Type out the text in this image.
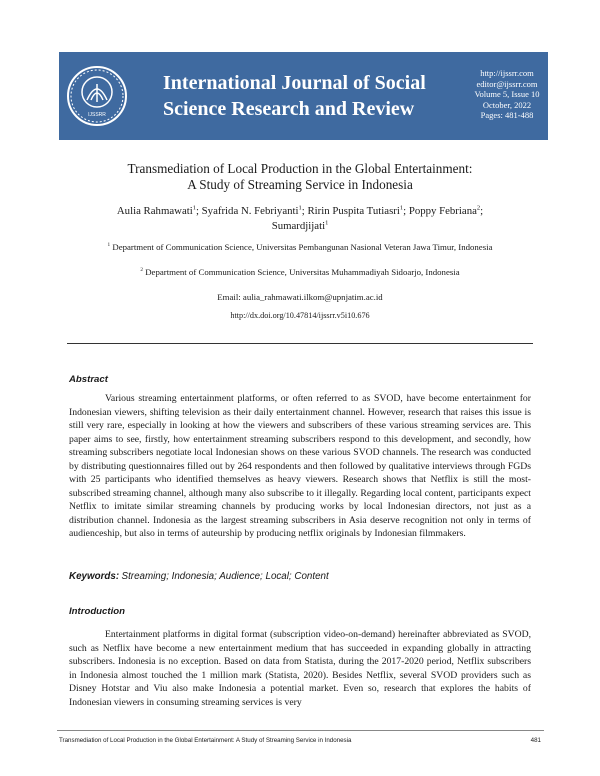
IJSSRR
International Journal of Social
Science Research and Review
http://ijssrr.com
editor@ijssrr.com
Volume 5, Issue 10
October, 2022
Pages: 481-488
Transmediation of Local Production in the Global Entertainment:
A Study of Streaming Service in Indonesia
Aulia Rahmawati$^1$; Syafrida N. Febriyanti$^1$; Ririn Puspita Tutiasri$^1$; Poppy Febriana$^2$;
Sumardjijati$^1$
$^1$ Department of Communication Science, Universitas Pembangunan Nasional Veteran Jawa Timur, Indonesia
$^2$ Department of Communication Science, Universitas Muhammadiyah Sidoarjo, Indonesia
Email: aulia_rahmawati.ilkom@upnjatim.ac.id
http://dx.doi.org/10.47814/ijssrr.v5i10.676
Abstract

Various streaming entertainment platforms, or often referred to as SVOD, have become entertainment for Indonesian viewers, shifting television as their daily entertainment channel. However, research that raises this issue is still very rare, especially in looking at how the viewers and subscribers of these various streaming services are. This paper aims to see, firstly, how entertainment streaming subscribers respond to this development, and secondly, how streaming subscribers negotiate local Indonesian shows on these various SVOD channels. The research was conducted by distributing questionnaires filled out by 264 respondents and then followed by qualitative interviews through FGDs with 25 participants who identified themselves as heavy viewers. Research shows that Netflix is still the most-subscribed streaming channel, although many also subscribe to it illegally. Regarding local content, participants expect Netflix to imitate similar streaming channels by producing works by local Indonesian directors, not just as a distribution channel. Indonesia as the largest streaming subscribers in Asia deserve recognition not only in terms of audienceship, but also in terms of auteurship by producing netflix originals by Indonesian filmmakers.

Keywords: Streaming; Indonesia; Audience; Local; Content
Introduction

Entertainment platforms in digital format (subscription video-on-demand) hereinafter abbreviated as SVOD, such as Netflix have become a new entertainment medium that has succeeded in expanding globally in attracting subscribers. Indonesia is no exception. Based on data from Statista, during the 2017-2020 period, Netflix subscribers in Indonesia almost touched the 1 million mark (Statista, 2020). Besides Netflix, several SVOD providers such as Disney Hotstar and Viu also make Indonesia a potential market. Even so, research that explores the habits of Indonesian viewers in consuming streaming services is very

Transmediation of Local Production in the Global Entertainment: A Study of Streaming Service in Indonesia	481
